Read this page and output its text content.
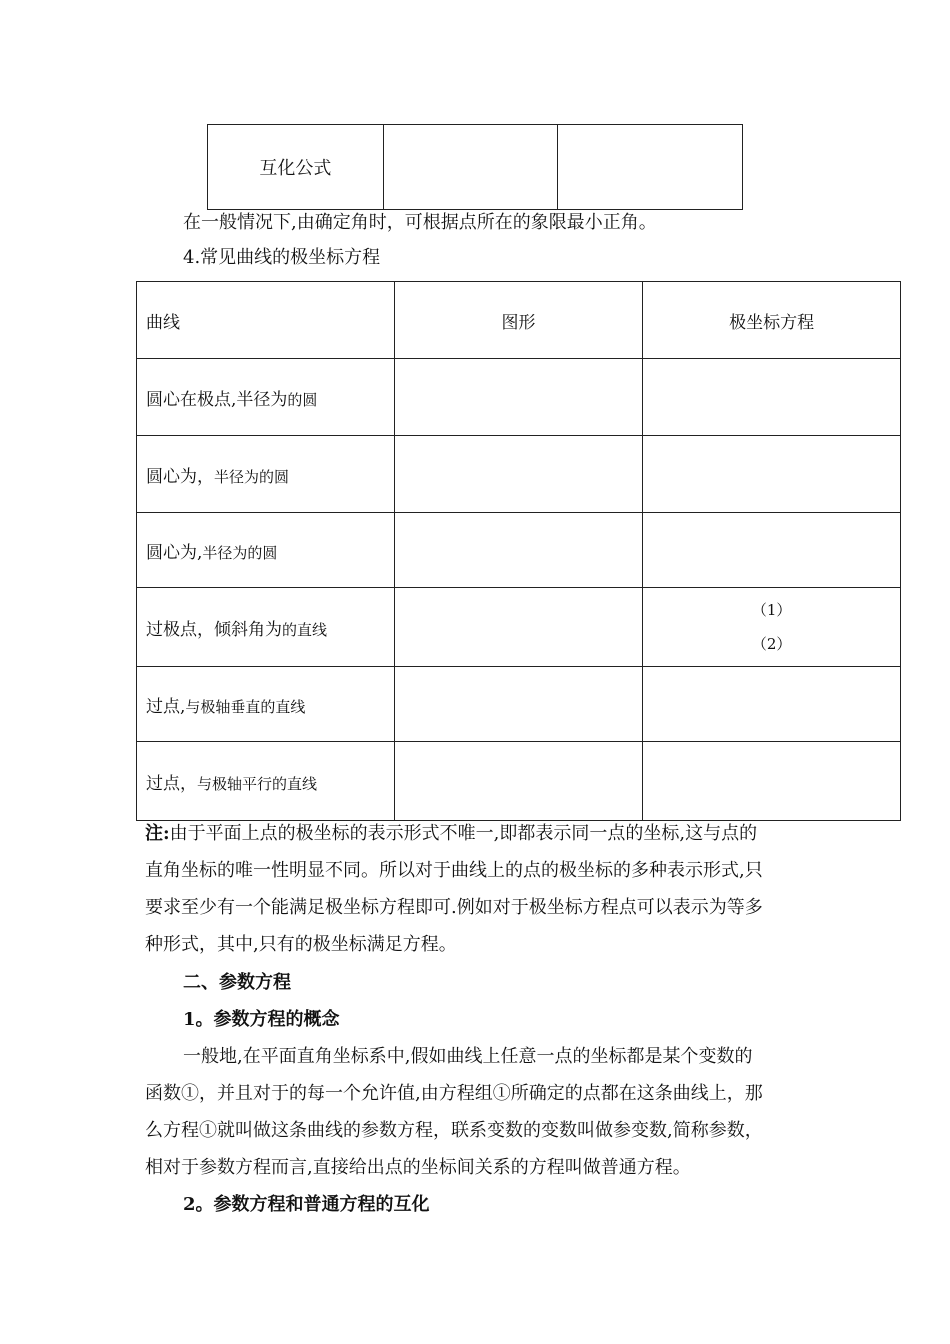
互化公式		
在一般情况下,由确定角时，可根据点所在的象限最小正角。
4.常见曲线的极坐标方程
曲线	图形	极坐标方程
圆心在极点,半径为的圆		
圆心为，半径为的圆		
圆心为,半径为的圆		
过极点，倾斜角为的直线		（1）
（2）

过点,与极轴垂直的直线		
过点，与极轴平行的直线		
注:由于平面上点的极坐标的表示形式不唯一,即都表示同一点的坐标,这与点的
直角坐标的唯一性明显不同。所以对于曲线上的点的极坐标的多种表示形式,只
要求至少有一个能满足极坐标方程即可.例如对于极坐标方程点可以表示为等多
种形式，其中,只有的极坐标满足方程。
二、参数方程
1。参数方程的概念
一般地,在平面直角坐标系中,假如曲线上任意一点的坐标都是某个变数的
函数①，并且对于的每一个允许值,由方程组①所确定的点都在这条曲线上，那
么方程①就叫做这条曲线的参数方程，联系变数的变数叫做参变数,简称参数，
相对于参数方程而言,直接给出点的坐标间关系的方程叫做普通方程。
2。参数方程和普通方程的互化
